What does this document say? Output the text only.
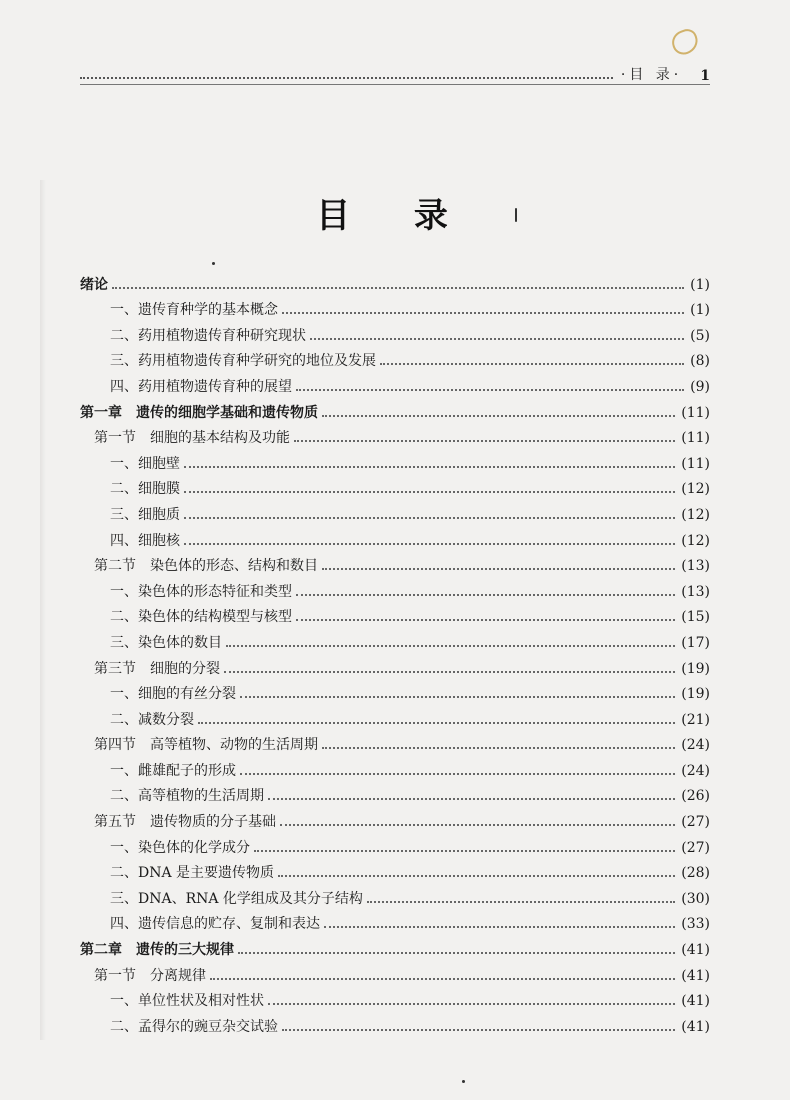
·目 录· 1
目 录
绪论	(1)
一、遗传育种学的基本概念	(1)
二、药用植物遗传育种研究现状	(5)
三、药用植物遗传育种学研究的地位及发展	(8)
四、药用植物遗传育种的展望	(9)
第一章　遗传的细胞学基础和遗传物质	(11)
第一节　细胞的基本结构及功能	(11)
一、细胞壁	(11)
二、细胞膜	(12)
三、细胞质	(12)
四、细胞核	(12)
第二节　染色体的形态、结构和数目	(13)
一、染色体的形态特征和类型	(13)
二、染色体的结构模型与核型	(15)
三、染色体的数目	(17)
第三节　细胞的分裂	(19)
一、细胞的有丝分裂	(19)
二、减数分裂	(21)
第四节　高等植物、动物的生活周期	(24)
一、雌雄配子的形成	(24)
二、高等植物的生活周期	(26)
第五节　遗传物质的分子基础	(27)
一、染色体的化学成分	(27)
二、DNA 是主要遗传物质	(28)
三、DNA、RNA 化学组成及其分子结构	(30)
四、遗传信息的贮存、复制和表达	(33)
第二章　遗传的三大规律	(41)
第一节　分离规律	(41)
一、单位性状及相对性状	(41)
二、孟得尔的豌豆杂交试验	(41)
